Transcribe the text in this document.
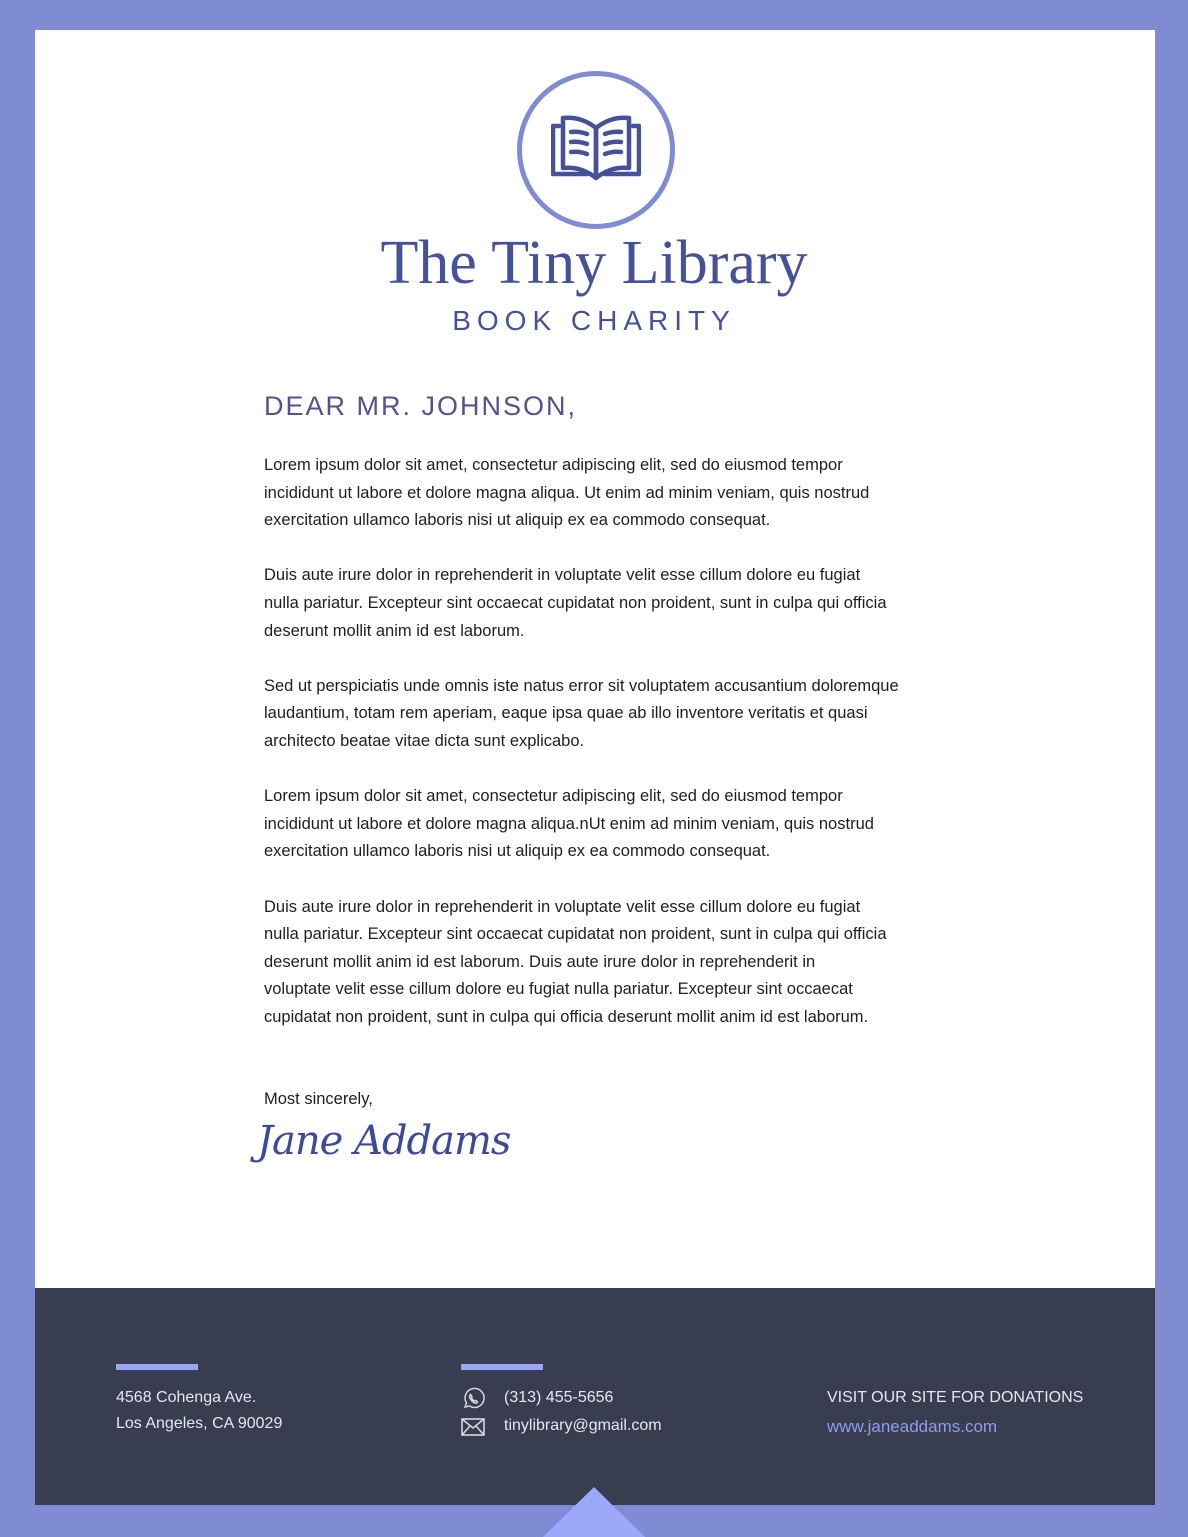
The Tiny Library
BOOK CHARITY
DEAR MR. JOHNSON,

Lorem ipsum dolor sit amet, consectetur adipiscing elit, sed do eiusmod tempor
incididunt ut labore et dolore magna aliqua. Ut enim ad minim veniam, quis nostrud
exercitation ullamco laboris nisi ut aliquip ex ea commodo consequat.

Duis aute irure dolor in reprehenderit in voluptate velit esse cillum dolore eu fugiat
nulla pariatur. Excepteur sint occaecat cupidatat non proident, sunt in culpa qui officia
deserunt mollit anim id est laborum.

Sed ut perspiciatis unde omnis iste natus error sit voluptatem accusantium doloremque
laudantium, totam rem aperiam, eaque ipsa quae ab illo inventore veritatis et quasi
architecto beatae vitae dicta sunt explicabo.

Lorem ipsum dolor sit amet, consectetur adipiscing elit, sed do eiusmod tempor
incididunt ut labore et dolore magna aliqua.nUt enim ad minim veniam, quis nostrud
exercitation ullamco laboris nisi ut aliquip ex ea commodo consequat.

Duis aute irure dolor in reprehenderit in voluptate velit esse cillum dolore eu fugiat
nulla pariatur. Excepteur sint occaecat cupidatat non proident, sunt in culpa qui officia
deserunt mollit anim id est laborum. Duis aute irure dolor in reprehenderit in
voluptate velit esse cillum dolore eu fugiat nulla pariatur. Excepteur sint occaecat
cupidatat non proident, sunt in culpa qui officia deserunt mollit anim id est laborum.

Most sincerely,
Jane Addams
4568 Cohenga Ave.
Los Angeles, CA 90029
(313) 455-5656
tinylibrary@gmail.com
VISIT OUR SITE FOR DONATIONS
www.janeaddams.com
